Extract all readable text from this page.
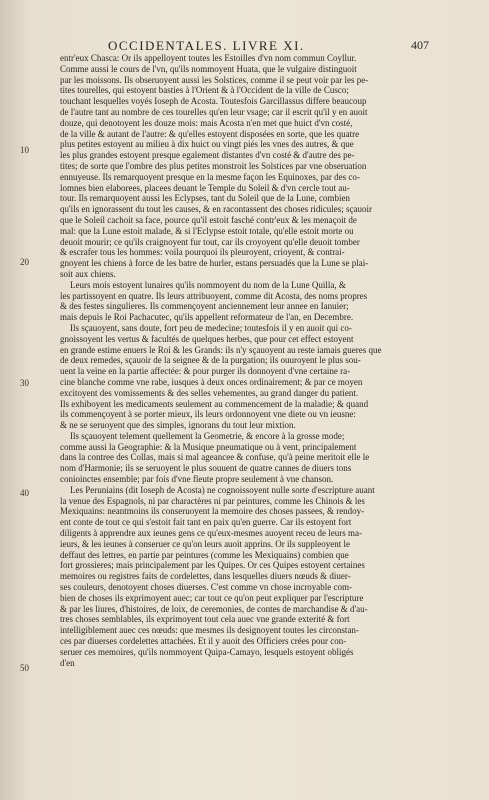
OCCIDENTALES. LIVRE XI.	407
10
20
30
40
50
entr'eux Chasca: Or ils appelloyent toutes les Estoilles d'vn nom commun Coyllur.
Comme aussi le cours de l'vn, qu'ils nommoyent Huata, que le vulgaire distinguoit
par les moissons. Ils obseruoyent aussi les Solstices, comme il se peut voir par les pe-
tites tourelles, qui estoyent basties à l'Orient & à l'Occident de la ville de Cusco;
touchant lesquelles voyés Ioseph de Acosta. Toutesfois Garcillassus differe beaucoup
de l'autre tant au nombre de ces tourelles qu'en leur vsage; car il escrit qu'il y en auoit
douze, qui denotoyent les douze mois: mais Acosta n'en met que huict d'vn costé,
de la ville & autant de l'autre: & qu'elles estoyent disposées en sorte, que les quatre
plus petites estoyent au milieu à dix huict ou vingt piés les vnes des autres, & que
les plus grandes estoyent presque egalement distantes d'vn costé & d'autre des pe-
tites; de sorte que l'ombre des plus petites monstroit les Solstices par vne obseruation
ennuyeuse. Ils remarquoyent presque en la mesme façon les Equinoxes, par des co-
lomnes bien elaborees, placees deuant le Temple du Soleil & d'vn cercle tout au-
tour. Ils remarquoyent aussi les Eclypses, tant du Soleil que de la Lune, combien
qu'ils en ignorassent du tout les causes, & en racontassent des choses ridicules; sçauoir
que le Soleil cachoit sa face, pource qu'il estoit fasché contr'eux & les menaçoit de
mal: que la Lune estoit malade, & si l'Eclypse estoit totale, qu'elle estoit morte ou
deuoit mourir; ce qu'ils craignoyent fur tout, car ils croyoyent qu'elle deuoit tomber
& escrafer tous les hommes: voila pourquoi ils pleuroyent, crioyent, & contrai-
gnoyent les chiens à force de les batre de hurler, estans persuadés que la Lune se plai-
soit aux chiens.
Leurs mois estoyent lunaires qu'ils nommoyent du nom de la Lune Quilla, &
les partissoyent en quatre. Ils leurs attribuoyent, comme dit Acosta, des noms propres
& des festes singulieres. Ils commençoyent anciennement leur annee en Ianuier;
mais depuis le Roi Pachacutec, qu'ils appellent reformateur de l'an, en Decembre.
Ils sçauoyent, sans doute, fort peu de medecine; toutesfois il y en auoit qui co-
gnoissoyent les vertus & facultés de quelques herbes, que pour cet effect estoyent
en grande estime enuers le Roi & les Grands: ils n'y sçauoyent au reste iamais gueres que
de deux remedes, sçauoir de la seignee & de la purgation; ils ouuroyent le plus sou-
uent la veine en la partie affectée: & pour purger ils donnoyent d'vne certaine ra-
cine blanche comme vne rabe, iusques à deux onces ordinairement; & par ce moyen
excitoyent des vomissements & des selles vehementes, au grand danger du patient.
Ils exhiboyent les medicaments seulement au commencement de la maladie; & quand
ils commençoyent à se porter mieux, ils leurs ordonnoyent vne diete ou vn ieusne:
& ne se seruoyent que des simples, ignorans du tout leur mixtion.
Ils sçauoyent telement quellement la Geometrie, & encore à la grosse mode;
comme aussi la Geographie: & la Musique pneumatique ou à vent, principalement
dans la contree des Collas, mais si mal ageancee & confuse, qu'à peine meritoit elle le
nom d'Harmonie; ils se seruoyent le plus souuent de quatre cannes de diuers tons
conioinctes ensemble; par fois d'vne fleute propre seulement à vne chanson.
Les Peruniains (dit Ioseph de Acosta) ne cognoissoyent nulle sorte d'escripture auant
la venue des Espagnols, ni par charactères ni par peintures, comme les Chinois & les
Mexiquains: neantmoins ils conseruoyent la memoire des choses passees, & rendoy-
ent conte de tout ce qui s'estoit fait tant en paix qu'en guerre. Car ils estoyent fort
diligents à apprendre aux ieunes gens ce qu'eux-mesmes auoyent receu de leurs ma-
ieurs, & les ieunes à conseruer ce qu'on leurs auoit apprins. Or ils suppleoyent le
deffaut des lettres, en partie par peintures (comme les Mexiquains) combien que
fort grossieres; mais principalement par les Quipes. Or ces Quipes estoyent certaines
memoires ou registres faits de cordelettes, dans lesquelles diuers nœuds & diuer-
ses couleurs, denotoyent choses diuerses. C'est comme vn chose incroyable com-
bien de choses ils exprimoyent auec; car tout ce qu'on peut expliquer par l'escripture
& par les liures, d'histoires, de loix, de ceremonies, de contes de marchandise & d'au-
tres choses semblables, ils exprimoyent tout cela auec vne grande exterité & fort
intelligiblement auec ces nœuds: que mesmes ils designoyent toutes les circonstan-
ces par diuerses cordelettes attachées. Et il y auoit des Officiers crées pour con-
seruer ces memoires, qu'ils nommoyent Quipa-Camayo, lesquels estoyent obligés
d'en
